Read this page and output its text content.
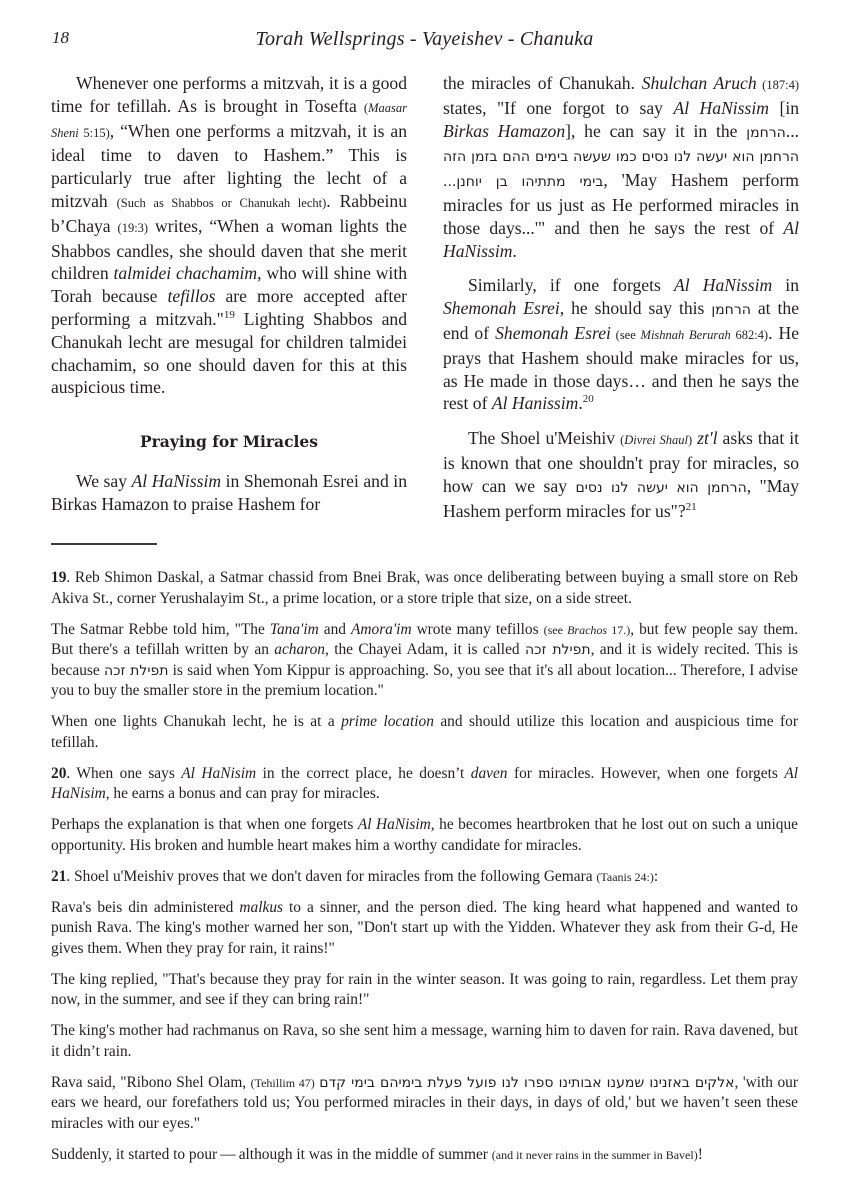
18	Torah Wellsprings - Vayeishev - Chanuka

Whenever one performs a mitzvah, it is a good time for tefillah. As is brought in Tosefta (Maasar Sheni 5:15), “When one performs a mitzvah, it is an ideal time to daven to Hashem.” This is particularly true after lighting the lecht of a mitzvah (Such as Shabbos or Chanukah lecht). Rabbeinu b’Chaya (19:3) writes, “When a woman lights the Shabbos candles, she should daven that she merit children talmidei chachamim, who will shine with Torah because tefillos are more accepted after performing a mitzvah."$^{19}$ Lighting Shabbos and Chanukah lecht are mesugal for children talmidei chachamim, so one should daven for this at this auspicious time.

Praying for Miracles

We say Al HaNissim in Shemonah Esrei and in Birkas Hamazon to praise Hashem for

the miracles of Chanukah. Shulchan Aruch (187:4) states, "If one forgot to say Al HaNissim [in Birkas Hamazon], he can say it in the הרחמן... הרחמן הוא יעשה לנו נסים כמו שעשה בימים ההם בזמן הזה בימי מתתיהו בן יוחנן..., 'May Hashem perform miracles for us just as He performed miracles in those days...'" and then he says the rest of Al HaNissim.

Similarly, if one forgets Al HaNissim in Shemonah Esrei, he should say this הרחמן at the end of Shemonah Esrei (see Mishnah Berurah 682:4). He prays that Hashem should make miracles for us, as He made in those days… and then he says the rest of Al Hanissim.$^{20}$

The Shoel u'Meishiv (Divrei Shaul) zt'l asks that it is known that one shouldn't pray for miracles, so how can we say הרחמן הוא יעשה לנו נסים, "May Hashem perform miracles for us"?$^{21}$

19. Reb Shimon Daskal, a Satmar chassid from Bnei Brak, was once deliberating between buying a small store on Reb Akiva St., corner Yerushalayim St., a prime location, or a store triple that size, on a side street.

The Satmar Rebbe told him, "The Tana'im and Amora'im wrote many tefillos (see Brachos 17.), but few people say them. But there's a tefillah written by an acharon, the Chayei Adam, it is called תפילת זכה, and it is widely recited. This is because תפילת זכה is said when Yom Kippur is approaching. So, you see that it's all about location... Therefore, I advise you to buy the smaller store in the premium location."

When one lights Chanukah lecht, he is at a prime location and should utilize this location and auspicious time for tefillah.

20. When one says Al HaNisim in the correct place, he doesn’t daven for miracles. However, when one forgets Al HaNisim, he earns a bonus and can pray for miracles.

Perhaps the explanation is that when one forgets Al HaNisim, he becomes heartbroken that he lost out on such a unique opportunity. His broken and humble heart makes him a worthy candidate for miracles.

21. Shoel u'Meishiv proves that we don't daven for miracles from the following Gemara (Taanis 24:):

Rava's beis din administered malkus to a sinner, and the person died. The king heard what happened and wanted to punish Rava. The king's mother warned her son, "Don't start up with the Yidden. Whatever they ask from their G-d, He gives them. When they pray for rain, it rains!"

The king replied, "That's because they pray for rain in the winter season. It was going to rain, regardless. Let them pray now, in the summer, and see if they can bring rain!"

The king's mother had rachmanus on Rava, so she sent him a message, warning him to daven for rain. Rava davened, but it didn’t rain.

Rava said, "Ribono Shel Olam, (Tehillim 47) אלקים באזנינו שמענו אבותינו ספרו לנו פועל פעלת בימיהם בימי קדם, 'with our ears we heard, our forefathers told us; You performed miracles in their days, in days of old,' but we haven’t seen these miracles with our eyes."

Suddenly, it started to pour — although it was in the middle of summer (and it never rains in the summer in Bavel)!
